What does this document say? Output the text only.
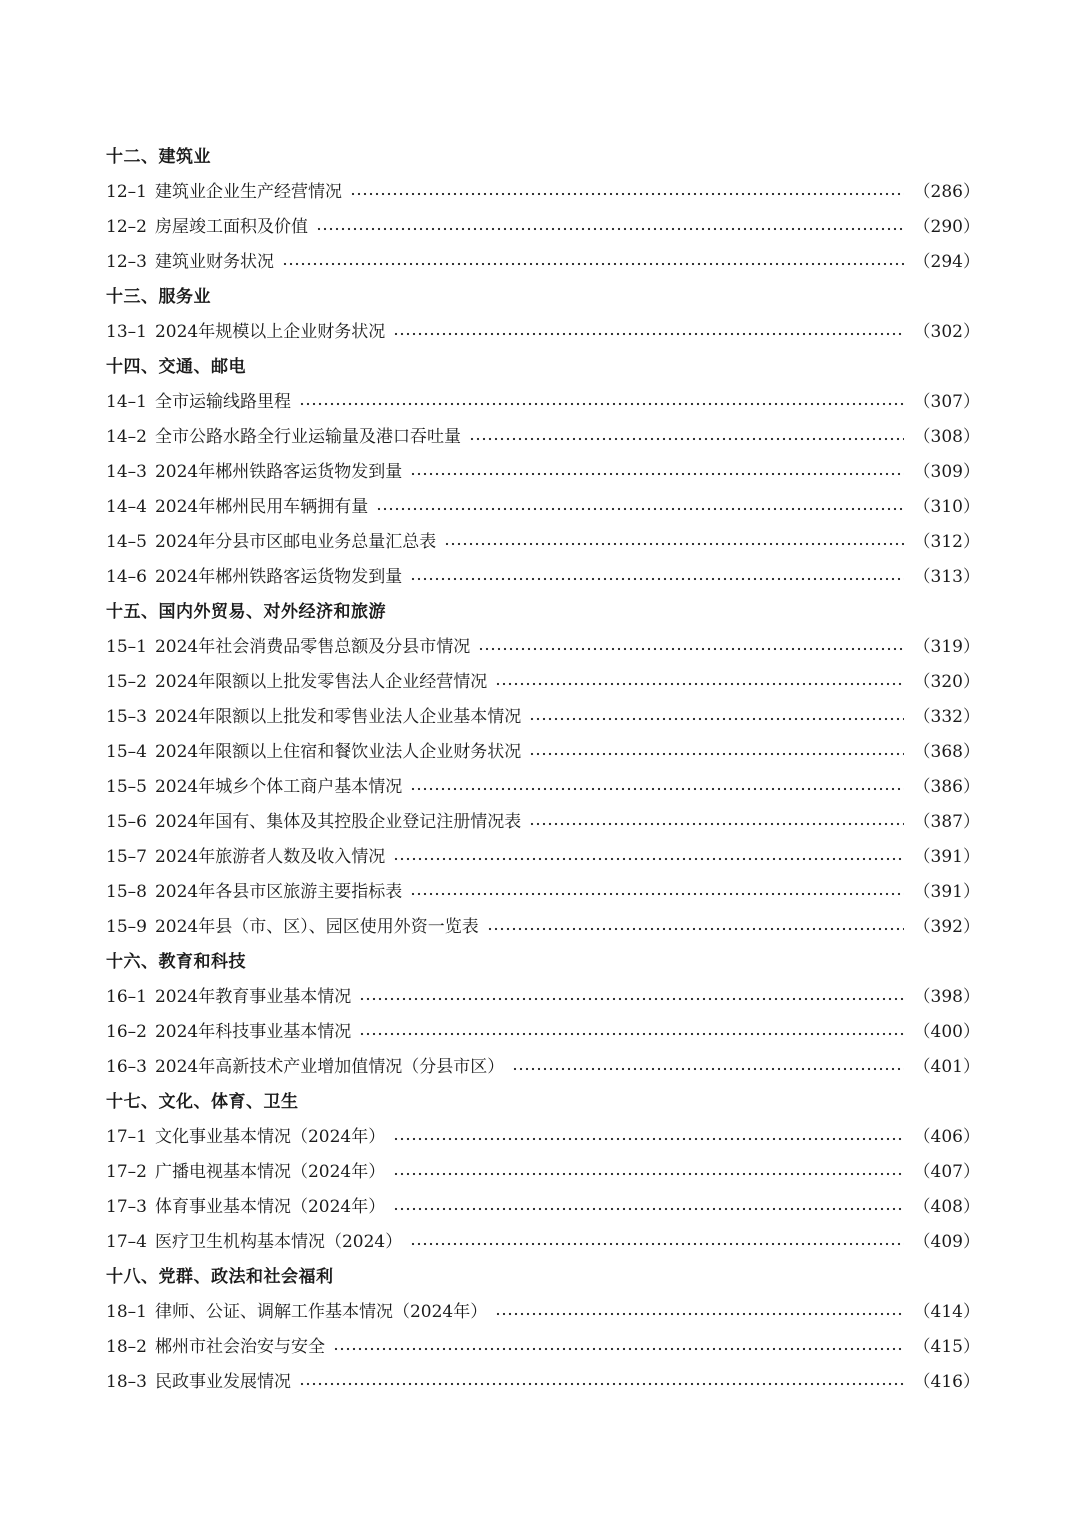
十二、建筑业
12–1 建筑业企业生产经营情况	（286）
12–2 房屋竣工面积及价值	（290）
12–3 建筑业财务状况	（294）
十三、服务业
13–1 2024年规模以上企业财务状况	（302）
十四、交通、邮电
14–1 全市运输线路里程	（307）
14–2 全市公路水路全行业运输量及港口吞吐量	（308）
14–3 2024年郴州铁路客运货物发到量	（309）
14–4 2024年郴州民用车辆拥有量	（310）
14–5 2024年分县市区邮电业务总量汇总表	（312）
14–6 2024年郴州铁路客运货物发到量	（313）
十五、国内外贸易、对外经济和旅游
15–1 2024年社会消费品零售总额及分县市情况	（319）
15–2 2024年限额以上批发零售法人企业经营情况	（320）
15–3 2024年限额以上批发和零售业法人企业基本情况	（332）
15–4 2024年限额以上住宿和餐饮业法人企业财务状况	（368）
15–5 2024年城乡个体工商户基本情况	（386）
15–6 2024年国有、集体及其控股企业登记注册情况表	（387）
15–7 2024年旅游者人数及收入情况	（391）
15–8 2024年各县市区旅游主要指标表	（391）
15–9 2024年县（市、区）、园区使用外资一览表	（392）
十六、教育和科技
16–1 2024年教育事业基本情况	（398）
16–2 2024年科技事业基本情况	（400）
16–3 2024年高新技术产业增加值情况（分县市区）	（401）
十七、文化、体育、卫生
17–1 文化事业基本情况（2024年）	（406）
17–2 广播电视基本情况（2024年）	（407）
17–3 体育事业基本情况（2024年）	（408）
17–4 医疗卫生机构基本情况（2024）	（409）
十八、党群、政法和社会福利
18–1 律师、公证、调解工作基本情况（2024年）	（414）
18–2 郴州市社会治安与安全	（415）
18–3 民政事业发展情况	（416）
